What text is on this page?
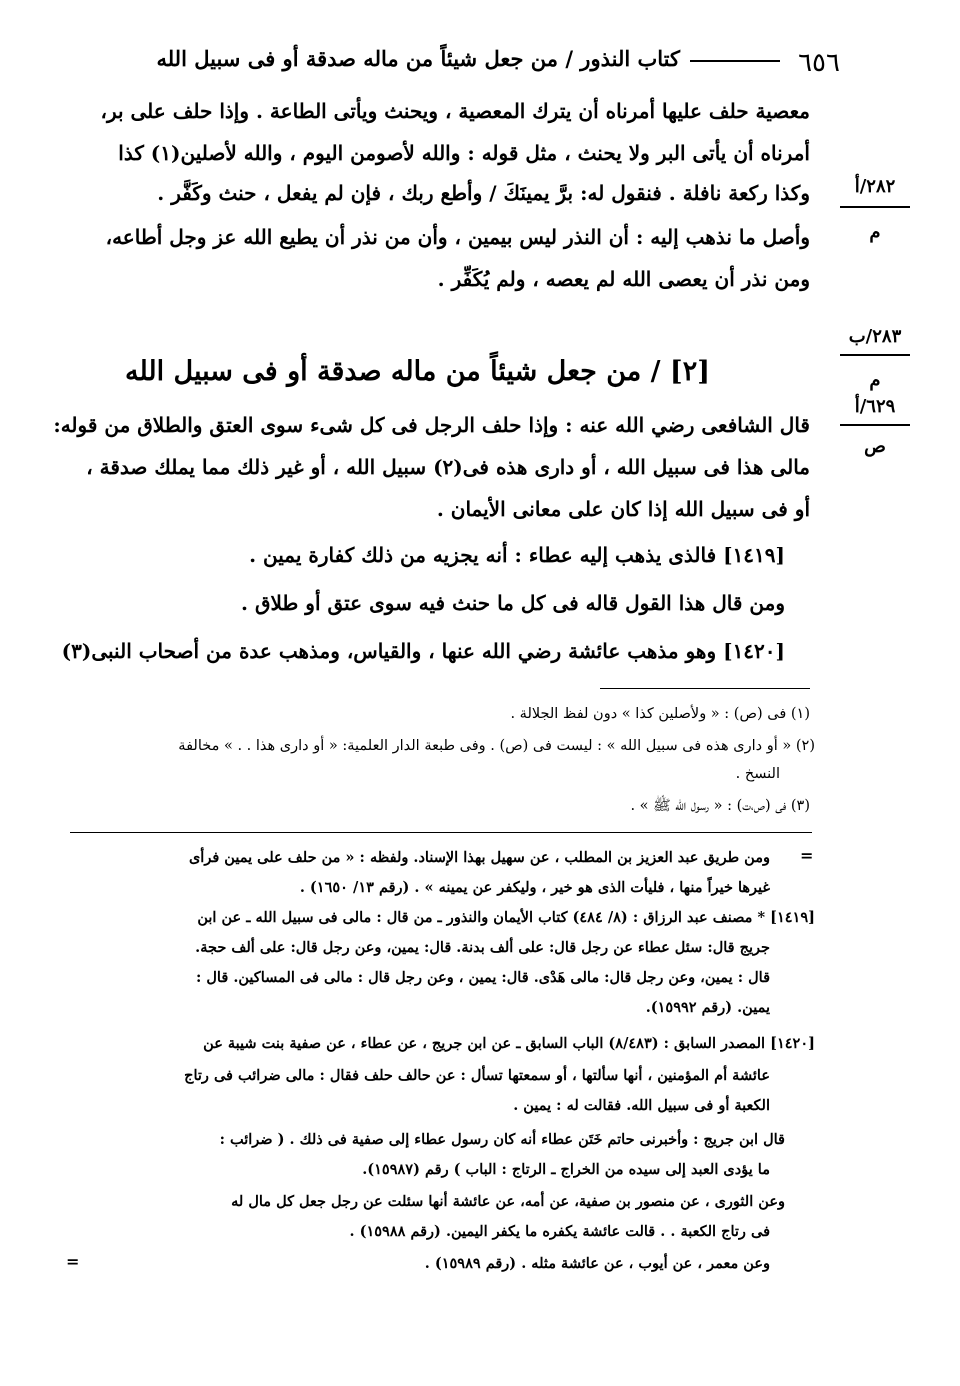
٦٥٦
كتاب النذور / من جعل شيئاً من ماله صدقة أو فى سبيل الله
٢٨٢/أ
م
٢٨٣/ب
م
٦٢٩/أ
ص
معصية حلف عليها أمرناه أن يترك المعصية ، ويحنث ويأتى الطاعة . وإذا حلف على بر،
أمرناه أن يأتى البر ولا يحنث ، مثل قوله : والله لأصومن اليوم ، والله لأصلين(١) كذا
وكذا ركعة نافلة . فنقول له: برَّ يمينَكَ / وأطع ربك ، فإن لم يفعل ، حنث وكَفَّر .
وأصل ما نذهب إليه : أن النذر ليس بيمين ، وأن من نذر أن يطيع الله عز وجل أطاعه،
ومن نذر أن يعصى الله لم يعصه ، ولم يُكَفِّر .
[٢] / من جعل شيئاً من ماله صدقة أو فى سبيل الله
قال الشافعى رضي الله عنه : وإذا حلف الرجل فى كل شىء سوى العتق والطلاق من قوله:
مالى هذا فى سبيل الله ، أو دارى هذه فى(٢) سبيل الله ، أو غير ذلك مما يملك صدقة ،
أو فى سبيل الله إذا كان على معانى الأيمان .
[١٤١٩] فالذى يذهب إليه عطاء : أنه يجزيه من ذلك كفارة يمين .
ومن قال هذا القول قاله فى كل ما حنث فيه سوى عتق أو طلاق .
[١٤٢٠] وهو مذهب عائشة رضي الله عنها ، والقياس، ومذهب عدة من أصحاب النبى(٣)
(١) فى (ص) : « ولأصلين كذا » دون لفظ الجلالة .
(٢) « أو دارى هذه فى سبيل الله » : ليست فى (ص) . وفى طبعة الدار العلمية: « أو دارى هذا . . » مخالفة
النسخ .
(٣) فى (ص،ت) : « رسول الله ﷺ » .
=
ومن طريق عبد العزيز بن المطلب ، عن سهيل بهذا الإسناد. ولفظه : « من حلف على يمين فرأى
غيرها خيراً منها ، فليأت الذى هو خير ، وليكفر عن يمينه » . (رقم ١٣/ ١٦٥٠) .
[١٤١٩] * مصنف عبد الرزاق : (٨/ ٤٨٤) كتاب الأيمان والنذور ـ من قال : مالى فى سبيل الله ـ عن ابن
جريج قال: سئل عطاء عن رجل قال: على ألف بدنة. قال: يمين، وعن رجل قال: على ألف حجة.
قال : يمين، وعن رجل قال: مالى هَدْى. قال: يمين ، وعن رجل قال : مالى فى المساكين. قال :
يمين. (رقم ١٥٩٩٢).
[١٤٢٠] المصدر السابق : (٨/٤٨٣) الباب السابق ـ عن ابن جريج ، عن عطاء ، عن صفية بنت شيبة عن
عائشة أم المؤمنين ، أنها سألتها ، أو سمعتها تسأل : عن حالف حلف فقال : مالى ضرائب فى رتاج
الكعبة أو فى سبيل الله. فقالت له : يمين .
قال ابن جريج : وأخبرنى حاتم خَتَن عطاء أنه كان رسول عطاء إلى صفية فى ذلك . ( ضرائب :
ما يؤدى العبد إلى سيده من الخراج ـ الرتاج : الباب ) رقم (١٥٩٨٧).
وعن الثورى ، عن منصور بن صفية، عن أمه، عن عائشة أنها سئلت عن رجل جعل كل مال له
فى رتاج الكعبة . . قالت عائشة يكفره ما يكفر اليمين. (رقم ١٥٩٨٨) .
وعن معمر ، عن أيوب ، عن عائشة مثله . (رقم ١٥٩٨٩) .
=
